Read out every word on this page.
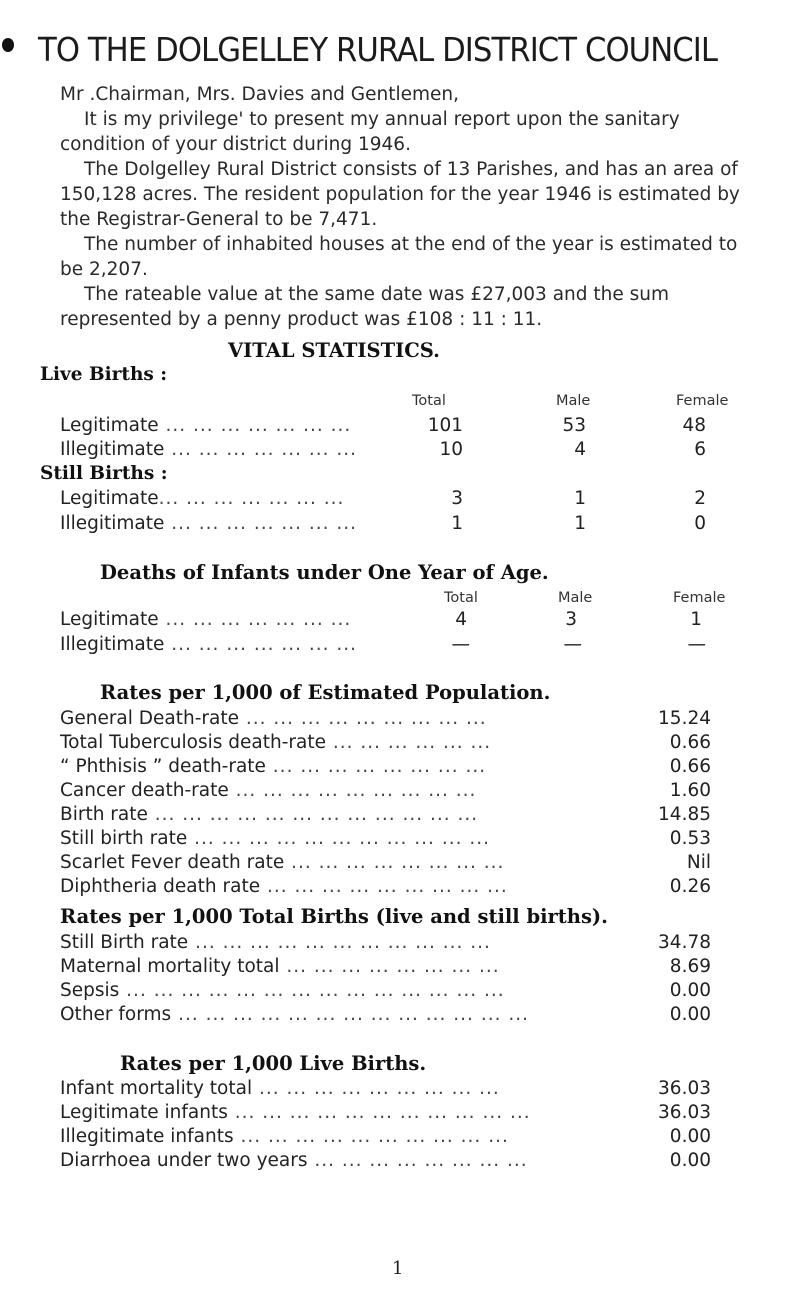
TO THE DOLGELLEY RURAL DISTRICT COUNCIL

Mr .Chairman, Mrs. Davies and Gentlemen,

It is my privilege' to present my annual report upon the sanitary condition of your district during 1946.

The Dolgelley Rural District consists of 13 Parishes, and has an area of 150,128 acres. The resident population for the year 1946 is estimated by the Registrar-General to be 7,471.

The number of inhabited houses at the end of the year is estimated to be 2,207.

The rateable value at the same date was £27,003 and the sum represented by a penny product was £108 : 11 : 11.

VITAL STATISTICS.
Live Births :
Total	Male	Female
Legitimate ... ... ... ... ... ... ...	101	53	48
Illegitimate ... ... ... ... ... ... ...	10	4	6
Still Births :
Legitimate... ... ... ... ... ... ...	3	1	2
Illegitimate ... ... ... ... ... ... ...	1	1	0
Deaths of Infants under One Year of Age.
Total	Male	Female
Legitimate ... ... ... ... ... ... ...	4	3	1
Illegitimate ... ... ... ... ... ... ...	—	—	—
Rates per 1,000 of Estimated Population.
General Death-rate ... ... ... ... ... ... ... ... ...	15.24
Total Tuberculosis death-rate ... ... ... ... ... ...	0.66
“ Phthisis ” death-rate ... ... ... ... ... ... ... ...	0.66
Cancer death-rate ... ... ... ... ... ... ... ... ...	1.60
Birth rate ... ... ... ... ... ... ... ... ... ... ... ...	14.85
Still birth rate ... ... ... ... ... ... ... ... ... ... ...	0.53
Scarlet Fever death rate ... ... ... ... ... ... ... ...	Nil
Diphtheria death rate ... ... ... ... ... ... ... ... ...	0.26
Rates per 1,000 Total Births (live and still births).
Still Birth rate ... ... ... ... ... ... ... ... ... ... ...	34.78
Maternal mortality total ... ... ... ... ... ... ... ...	8.69
Sepsis ... ... ... ... ... ... ... ... ... ... ... ... ... ...	0.00
Other forms ... ... ... ... ... ... ... ... ... ... ... ... ...	0.00
Rates per 1,000 Live Births.
Infant mortality total ... ... ... ... ... ... ... ... ...	36.03
Legitimate infants ... ... ... ... ... ... ... ... ... ... ...	36.03
Illegitimate infants ... ... ... ... ... ... ... ... ... ...	0.00
Diarrhoea under two years ... ... ... ... ... ... ... ...	0.00
1
